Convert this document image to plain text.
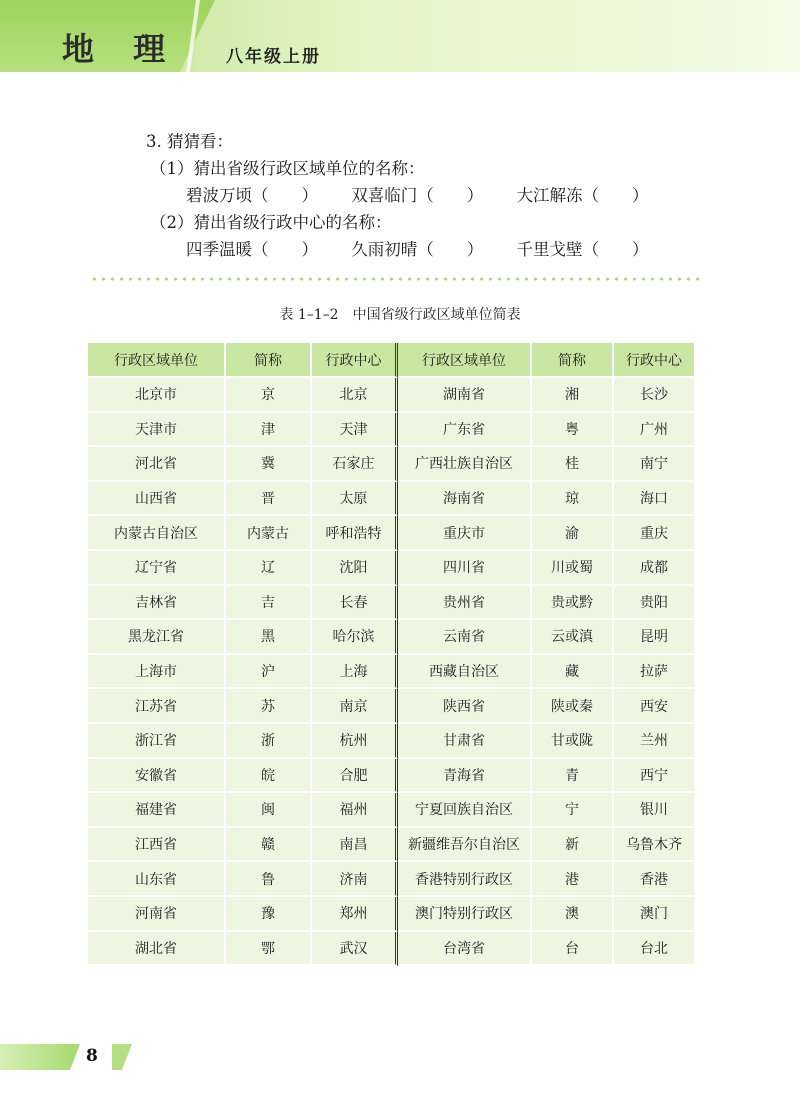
地 理	八年级上册
3. 猜猜看：
（1）猜出省级行政区域单位的名称：
碧波万顷（　　） 双喜临门（　　） 大江解冻（　　）
（2）猜出省级行政中心的名称：
四季温暖（　　） 久雨初晴（　　） 千里戈壁（　　）
表 1–1–2 中国省级行政区域单位简表
行政区域单位	简称	行政中心	行政区域单位	简称	行政中心
北京市	京	北京	湖南省	湘	长沙
天津市	津	天津	广东省	粤	广州
河北省	冀	石家庄	广西壮族自治区	桂	南宁
山西省	晋	太原	海南省	琼	海口
内蒙古自治区	内蒙古	呼和浩特	重庆市	渝	重庆
辽宁省	辽	沈阳	四川省	川或蜀	成都
吉林省	吉	长春	贵州省	贵或黔	贵阳
黑龙江省	黑	哈尔滨	云南省	云或滇	昆明
上海市	沪	上海	西藏自治区	藏	拉萨
江苏省	苏	南京	陕西省	陕或秦	西安
浙江省	浙	杭州	甘肃省	甘或陇	兰州
安徽省	皖	合肥	青海省	青	西宁
福建省	闽	福州	宁夏回族自治区	宁	银川
江西省	赣	南昌	新疆维吾尔自治区	新	乌鲁木齐
山东省	鲁	济南	香港特别行政区	港	香港
河南省	豫	郑州	澳门特别行政区	澳	澳门
湖北省	鄂	武汉	台湾省	台	台北
8
